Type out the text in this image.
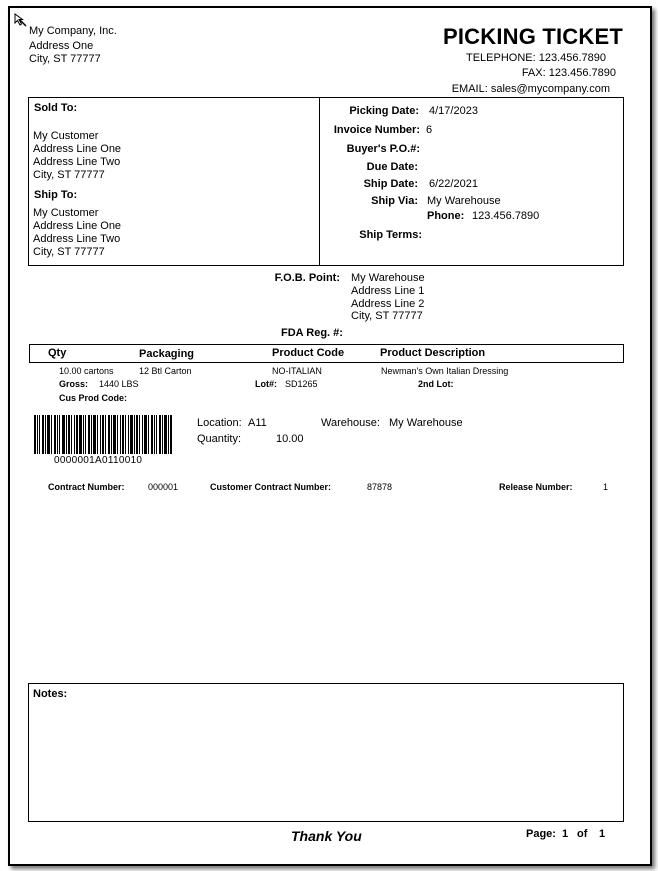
My Company, Inc.
Address One
City, ST 77777
PICKING TICKET
TELEPHONE: 123.456.7890
FAX: 123.456.7890
EMAIL: sales@mycompany.com
Sold To:
My Customer
Address Line One
Address Line Two
City, ST 77777
Ship To:
My Customer
Address Line One
Address Line Two
City, ST 77777
Picking Date: 4/17/2023
Invoice Number: 6
Buyer's P.O.#:
Due Date:
Ship Date: 6/22/2021
Ship Via: My Warehouse
Phone: 123.456.7890
Ship Terms:
F.O.B. Point: My Warehouse
Address Line 1
Address Line 2
City, ST 77777
FDA Reg. #:
Qty	Packaging	Product Code	Product Description
10.00 cartons	12 Btl Carton	NO-ITALIAN	Newman's Own Italian Dressing
Gross: 1440 LBS	Lot#: SD1265	2nd Lot:
Cus Prod Code:
0000001A0110010
Location: A11	Warehouse: My Warehouse
Quantity:	10.00
Contract Number:	000001	Customer Contract Number:	87878	Release Number:	1
Notes:
Thank You	Page: 1 of 1
